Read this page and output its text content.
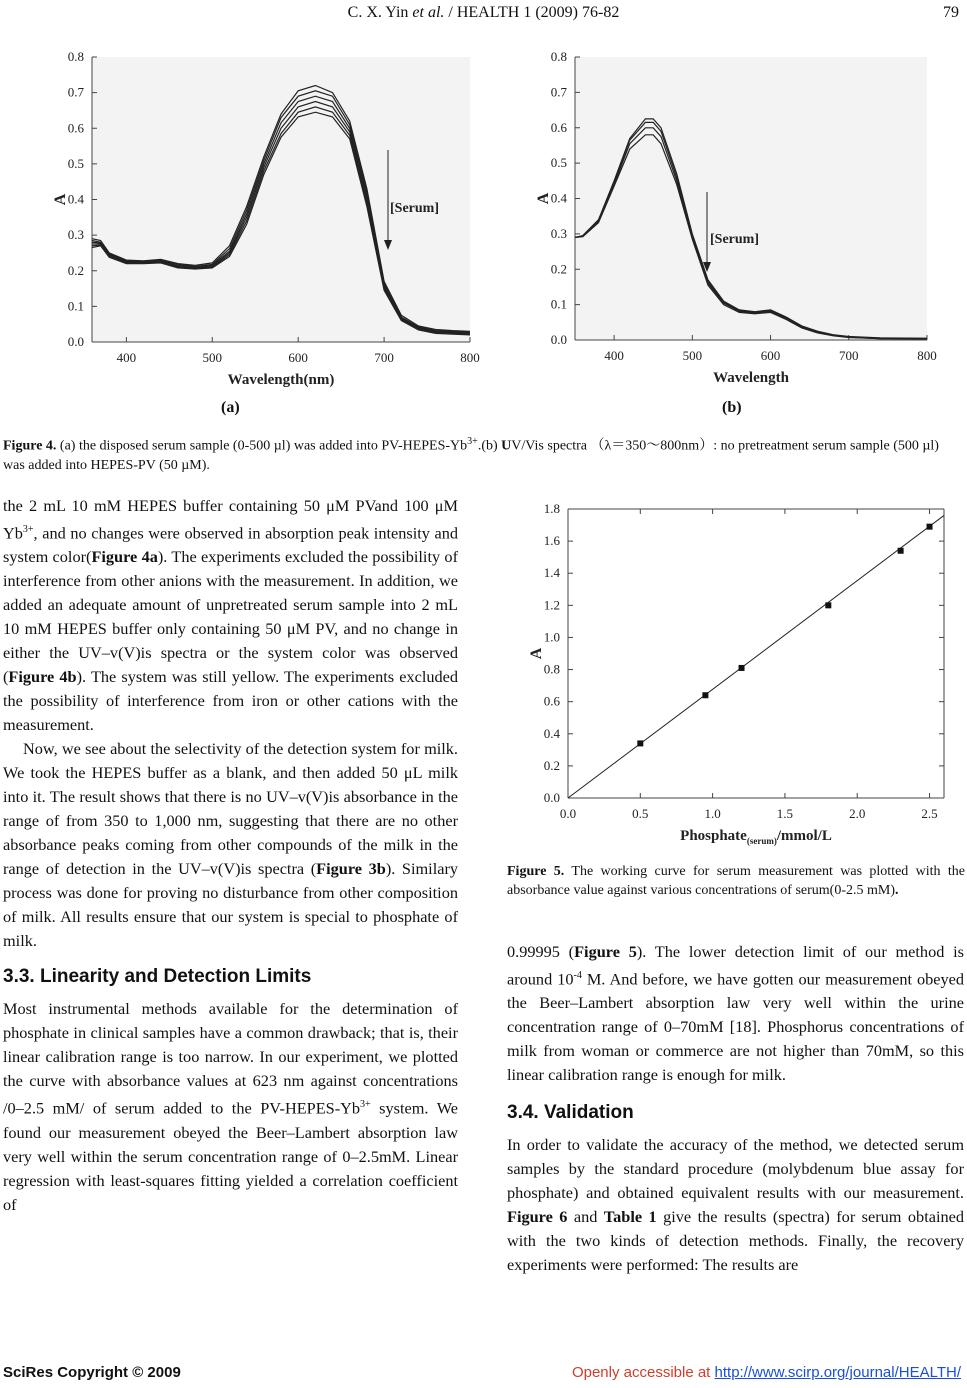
C. X. Yin et al. / HEALTH 1 (2009) 76-82	79
0.0
0.1
0.2
0.3
0.4
0.5
0.6
0.7
0.8
400	500	600	700	800
A
Wavelength(nm)
[Serum]
(a)
0.0
0.1
0.2
0.3
0.4
0.5
0.6
0.7
0.8
400	500	600	700	800
A
Wavelength
[Serum]
(b)
Figure 4. (a) the disposed serum sample (0-500 µl) was added into $PV-HEPES-Yb^{3+}.(b)$ UV/Vis spectra （λ＝350～800nm）: no pretreatment serum sample (500 µl) was added into HEPES-PV (50 µM).

the 2 mL 10 mM HEPES buffer containing 50 μM PVand 100 μM $Yb^{3+}$, and no changes were observed in absorption peak intensity and system color(Figure 4a). The experiments excluded the possibility of interference from other anions with the measurement. In addition, we added an adequate amount of unpretreated serum sample into 2 mL 10 mM HEPES buffer only containing 50 μM PV, and no change in either the UV–v(V)is spectra or the system color was observed (Figure 4b). The system was still yellow. The experiments excluded the possibility of interference from iron or other cations with the measurement.

Now, we see about the selectivity of the detection system for milk. We took the HEPES buffer as a blank, and then added 50 μL milk into it. The result shows that there is no UV–v(V)is absorbance in the range of from 350 to 1,000 nm, suggesting that there are no other absorbance peaks coming from other compounds of the milk in the range of detection in the UV–v(V)is spectra (Figure 3b). Similary process was done for proving no disturbance from other composition of milk. All results ensure that our system is special to phosphate of milk.

3.3. Linearity and Detection Limits

Most instrumental methods available for the determination of phosphate in clinical samples have a common drawback; that is, their linear calibration range is too narrow. In our experiment, we plotted the curve with absorbance values at 623 nm against concentrations /0–2.5 mM/ of serum added to the $PV-HEPES-Yb^{3+}$ system. We found our measurement obeyed the Beer–Lambert absorption law very well within the serum concentration range of 0–2.5mM. Linear regression with least-squares fitting yielded a correlation coefficient of

0.0
0.2
0.4
0.6
0.8
1.0
1.2
1.4
1.6
1.8
0.0	0.5	1.0	1.5	2.0	2.5
A
Phosphate$_{(serum)}$/mmol/L
Figure 5. The working curve for serum measurement was plotted with the absorbance value against various concentrations of serum(0-2.5 mM).

0.99995 (Figure 5). The lower detection limit of our method is around $10^{-4}$ M. And before, we have gotten our measurement obeyed the Beer–Lambert absorption law very well within the urine concentration range of 0–70mM [18]. Phosphorus concentrations of milk from woman or commerce are not higher than 70mM, so this linear calibration range is enough for milk.

3.4. Validation

In order to validate the accuracy of the method, we detected serum samples by the standard procedure (molybdenum blue assay for phosphate) and obtained equivalent results with our measurement. Figure 6 and Table 1 give the results (spectra) for serum obtained with the two kinds of detection methods. Finally, the recovery experiments were performed: The results are

SciRes Copyright © 2009	Openly accessible at http://www.scirp.org/journal/HEALTH/
